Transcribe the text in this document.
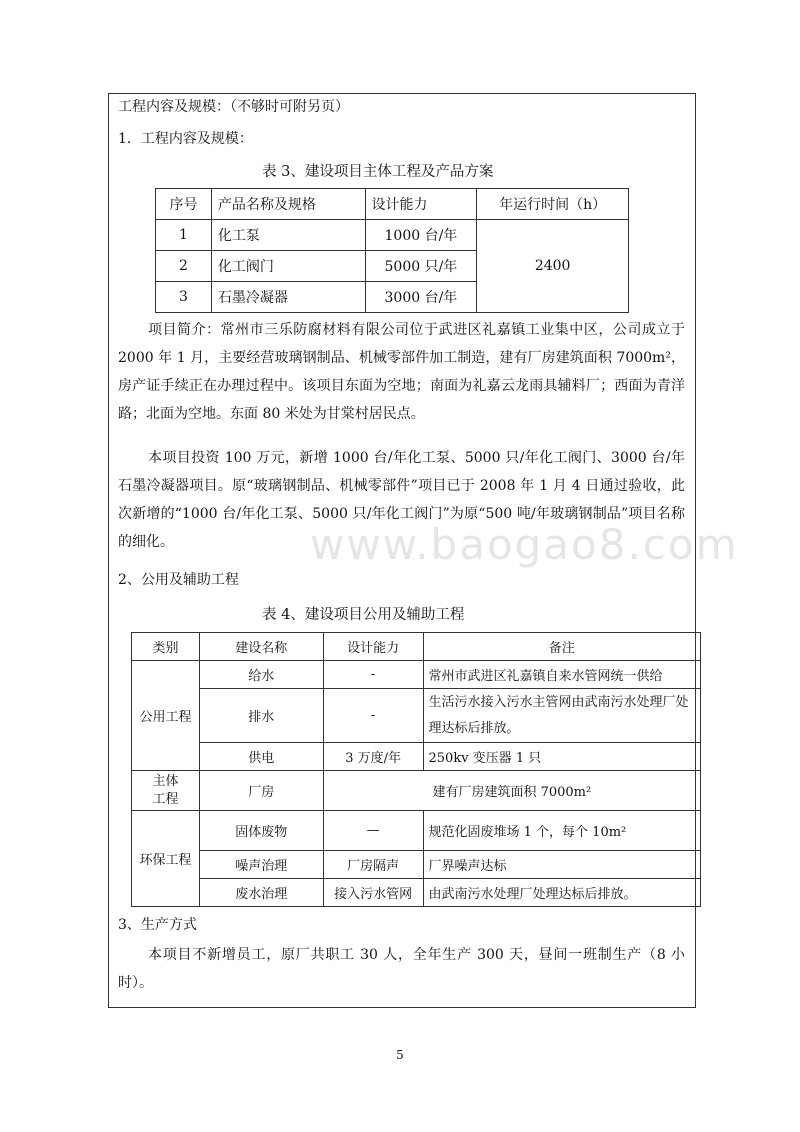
工程内容及规模：（不够时可附另页）
1．工程内容及规模：
表 3、建设项目主体工程及产品方案
序号	产品名称及规格	设计能力	年运行时间（h）
1	化工泵	1000 台/年	2400
2	化工阀门	5000 只/年	
3	石墨冷凝器	3000 台/年	
项目简介：常州市三乐防腐材料有限公司位于武进区礼嘉镇工业集中区，公司成立于 2000 年 1 月，主要经营玻璃钢制品、机械零部件加工制造，建有厂房建筑面积 7000m²，房产证手续正在办理过程中。该项目东面为空地；南面为礼嘉云龙雨具辅料厂；西面为青洋路；北面为空地。东面 80 米处为甘棠村居民点。
本项目投资 100 万元，新增 1000 台/年化工泵、5000 只/年化工阀门、3000 台/年石墨冷凝器项目。原“玻璃钢制品、机械零部件”项目已于 2008 年 1 月 4 日通过验收，此次新增的“1000 台/年化工泵、5000 只/年化工阀门”为原“500 吨/年玻璃钢制品”项目名称的细化。	www.baogao8.com
2、公用及辅助工程
表 4、建设项目公用及辅助工程
类别	建设名称	设计能力	备注
公用工程	给水	-	常州市武进区礼嘉镇自来水管网统一供给
	排水	-	生活污水接入污水主管网由武南污水处理厂处理达标后排放。
	供电	3 万度/年	250kv 变压器 1 只
主体工程	厂房	建有厂房建筑面积 7000m²	
环保工程	固体废物	—	规范化固废堆场 1 个，每个 10m²
	噪声治理	厂房隔声	厂界噪声达标
	废水治理	接入污水管网	由武南污水处理厂处理达标后排放。
3、生产方式
本项目不新增员工，原厂共职工 30 人，全年生产 300 天，昼间一班制生产（8 小时）。
5
